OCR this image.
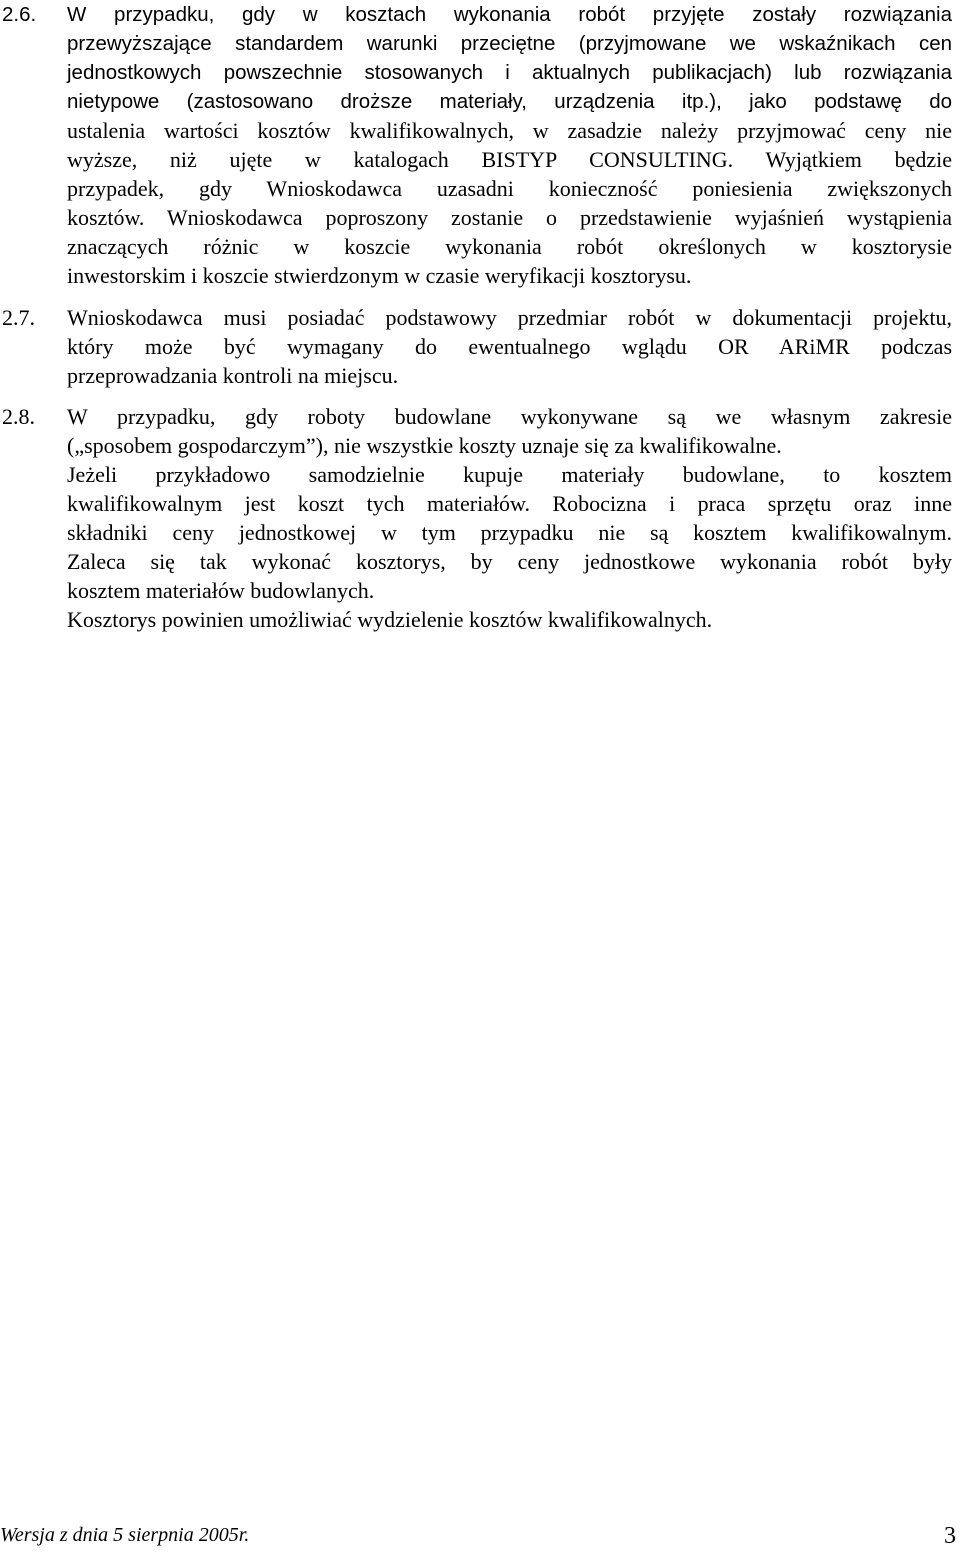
2.6. W przypadku, gdy w kosztach wykonania robót przyjęte zostały rozwiązania
przewyższające standardem warunki przeciętne (przyjmowane we wskaźnikach cen
jednostkowych powszechnie stosowanych i aktualnych publikacjach) lub rozwiązania
nietypowe (zastosowano droższe materiały, urządzenia itp.), jako podstawę do
ustalenia wartości kosztów kwalifikowalnych, w zasadzie należy przyjmować ceny nie
wyższe, niż ujęte w katalogach BISTYP CONSULTING. Wyjątkiem będzie
przypadek, gdy Wnioskodawca uzasadni konieczność poniesienia zwiększonych
kosztów. Wnioskodawca poproszony zostanie o przedstawienie wyjaśnień wystąpienia
znaczących różnic w koszcie wykonania robót określonych w kosztorysie
inwestorskim i koszcie stwierdzonym w czasie weryfikacji kosztorysu.
2.7. Wnioskodawca musi posiadać podstawowy przedmiar robót w dokumentacji projektu,
który może być wymagany do ewentualnego wglądu OR ARiMR podczas
przeprowadzania kontroli na miejscu.
2.8. W przypadku, gdy roboty budowlane wykonywane są we własnym zakresie
(„sposobem gospodarczym”), nie wszystkie koszty uznaje się za kwalifikowalne.
Jeżeli przykładowo samodzielnie kupuje materiały budowlane, to kosztem
kwalifikowalnym jest koszt tych materiałów. Robocizna i praca sprzętu oraz inne
składniki ceny jednostkowej w tym przypadku nie są kosztem kwalifikowalnym.
Zaleca się tak wykonać kosztorys, by ceny jednostkowe wykonania robót były
kosztem materiałów budowlanych.
Kosztorys powinien umożliwiać wydzielenie kosztów kwalifikowalnych.
Wersja z dnia 5 sierpnia 2005r.	3
